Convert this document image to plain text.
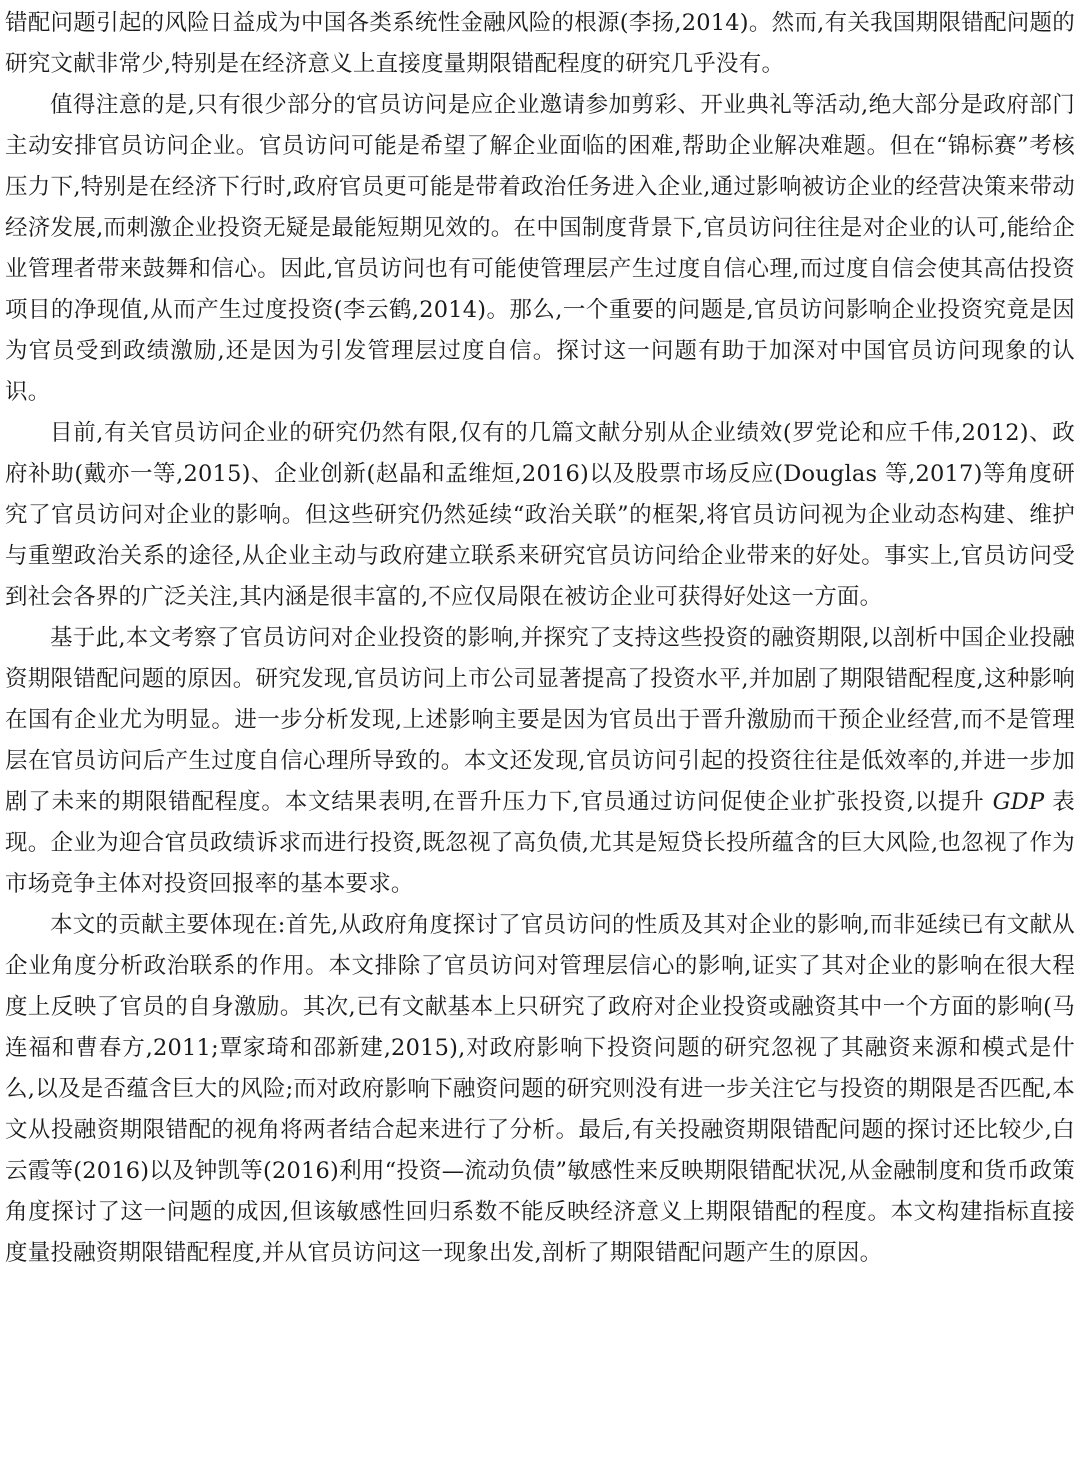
错配问题引起的风险日益成为中国各类系统性金融风险的根源(李扬,2014)。然而,有关我国期限错配问题的研究文献非常少,特别是在经济意义上直接度量期限错配程度的研究几乎没有。

值得注意的是,只有很少部分的官员访问是应企业邀请参加剪彩、开业典礼等活动,绝大部分是政府部门主动安排官员访问企业。官员访问可能是希望了解企业面临的困难,帮助企业解决难题。但在“锦标赛”考核压力下,特别是在经济下行时,政府官员更可能是带着政治任务进入企业,通过影响被访企业的经营决策来带动经济发展,而刺激企业投资无疑是最能短期见效的。在中国制度背景下,官员访问往往是对企业的认可,能给企业管理者带来鼓舞和信心。因此,官员访问也有可能使管理层产生过度自信心理,而过度自信会使其高估投资项目的净现值,从而产生过度投资(李云鹤,2014)。那么,一个重要的问题是,官员访问影响企业投资究竟是因为官员受到政绩激励,还是因为引发管理层过度自信。探讨这一问题有助于加深对中国官员访问现象的认识。

目前,有关官员访问企业的研究仍然有限,仅有的几篇文献分别从企业绩效(罗党论和应千伟,2012)、政府补助(戴亦一等,2015)、企业创新(赵晶和孟维烜,2016)以及股票市场反应(Douglas 等,2017)等角度研究了官员访问对企业的影响。但这些研究仍然延续“政治关联”的框架,将官员访问视为企业动态构建、维护与重塑政治关系的途径,从企业主动与政府建立联系来研究官员访问给企业带来的好处。事实上,官员访问受到社会各界的广泛关注,其内涵是很丰富的,不应仅局限在被访企业可获得好处这一方面。

基于此,本文考察了官员访问对企业投资的影响,并探究了支持这些投资的融资期限,以剖析中国企业投融资期限错配问题的原因。研究发现,官员访问上市公司显著提高了投资水平,并加剧了期限错配程度,这种影响在国有企业尤为明显。进一步分析发现,上述影响主要是因为官员出于晋升激励而干预企业经营,而不是管理层在官员访问后产生过度自信心理所导致的。本文还发现,官员访问引起的投资往往是低效率的,并进一步加剧了未来的期限错配程度。本文结果表明,在晋升压力下,官员通过访问促使企业扩张投资,以提升 GDP 表现。企业为迎合官员政绩诉求而进行投资,既忽视了高负债,尤其是短贷长投所蕴含的巨大风险,也忽视了作为市场竞争主体对投资回报率的基本要求。

本文的贡献主要体现在:首先,从政府角度探讨了官员访问的性质及其对企业的影响,而非延续已有文献从企业角度分析政治联系的作用。本文排除了官员访问对管理层信心的影响,证实了其对企业的影响在很大程度上反映了官员的自身激励。其次,已有文献基本上只研究了政府对企业投资或融资其中一个方面的影响(马连福和曹春方,2011;覃家琦和邵新建,2015),对政府影响下投资问题的研究忽视了其融资来源和模式是什么,以及是否蕴含巨大的风险;而对政府影响下融资问题的研究则没有进一步关注它与投资的期限是否匹配,本文从投融资期限错配的视角将两者结合起来进行了分析。最后,有关投融资期限错配问题的探讨还比较少,白云霞等(2016)以及钟凯等(2016)利用“投资—流动负债”敏感性来反映期限错配状况,从金融制度和货币政策角度探讨了这一问题的成因,但该敏感性回归系数不能反映经济意义上期限错配的程度。本文构建指标直接度量投融资期限错配程度,并从官员访问这一现象出发,剖析了期限错配问题产生的原因。
